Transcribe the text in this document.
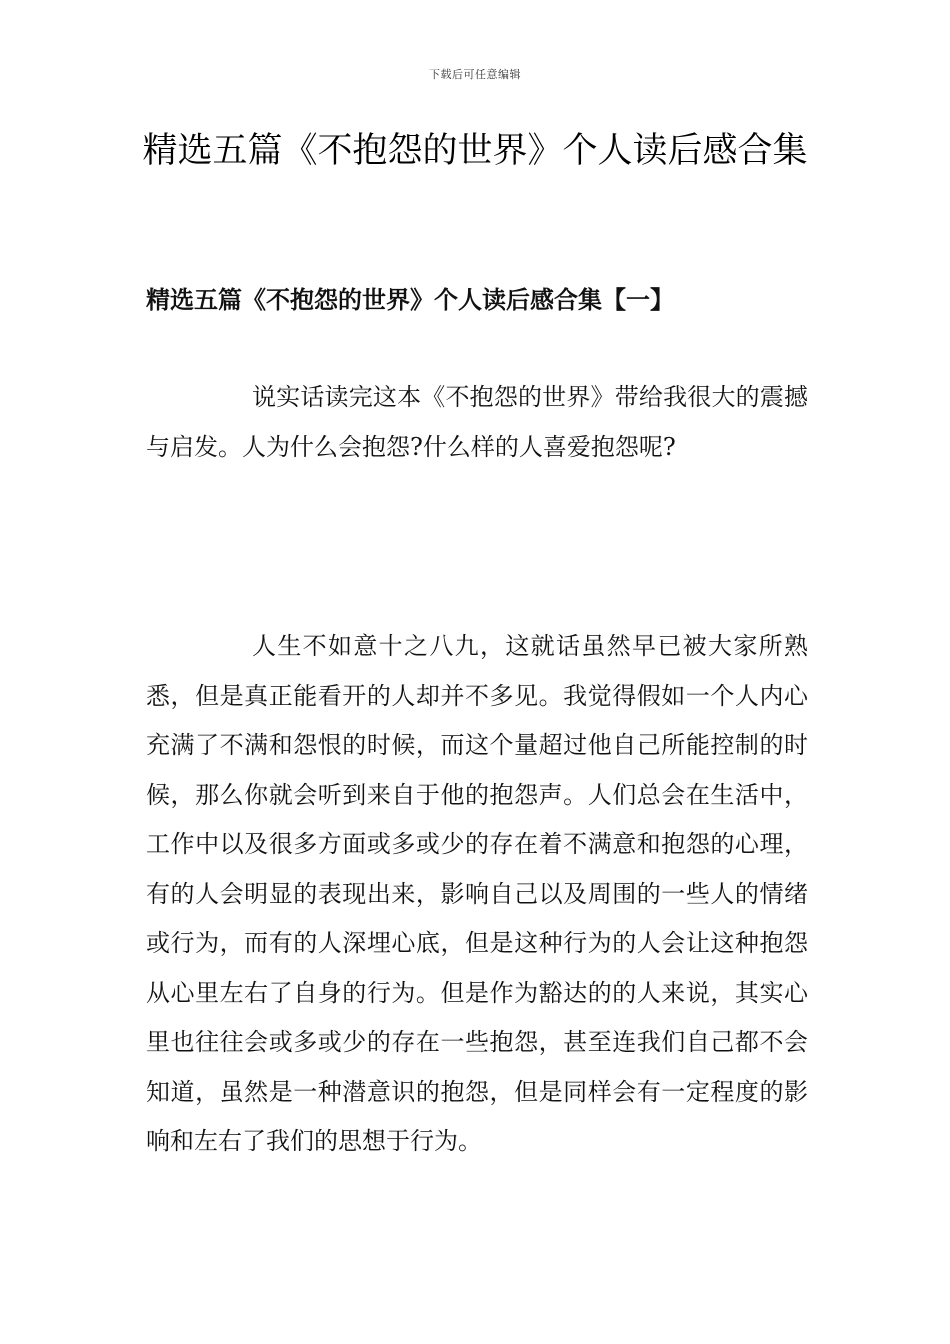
下载后可任意编辑
精选五篇《不抱怨的世界》个人读后感合集
精选五篇《不抱怨的世界》个人读后感合集【一】

说实话读完这本《不抱怨的世界》带给我很大的震撼与启发。人为什么会抱怨?什么样的人喜爱抱怨呢?

人生不如意十之八九，这就话虽然早已被大家所熟悉，但是真正能看开的人却并不多见。我觉得假如一个人内心充满了不满和怨恨的时候，而这个量超过他自己所能控制的时候，那么你就会听到来自于他的抱怨声。人们总会在生活中，工作中以及很多方面或多或少的存在着不满意和抱怨的心理，有的人会明显的表现出来，影响自己以及周围的一些人的情绪或行为，而有的人深埋心底，但是这种行为的人会让这种抱怨从心里左右了自身的行为。但是作为豁达的的人来说，其实心里也往往会或多或少的存在一些抱怨，甚至连我们自己都不会知道，虽然是一种潜意识的抱怨，但是同样会有一定程度的影响和左右了我们的思想于行为。
